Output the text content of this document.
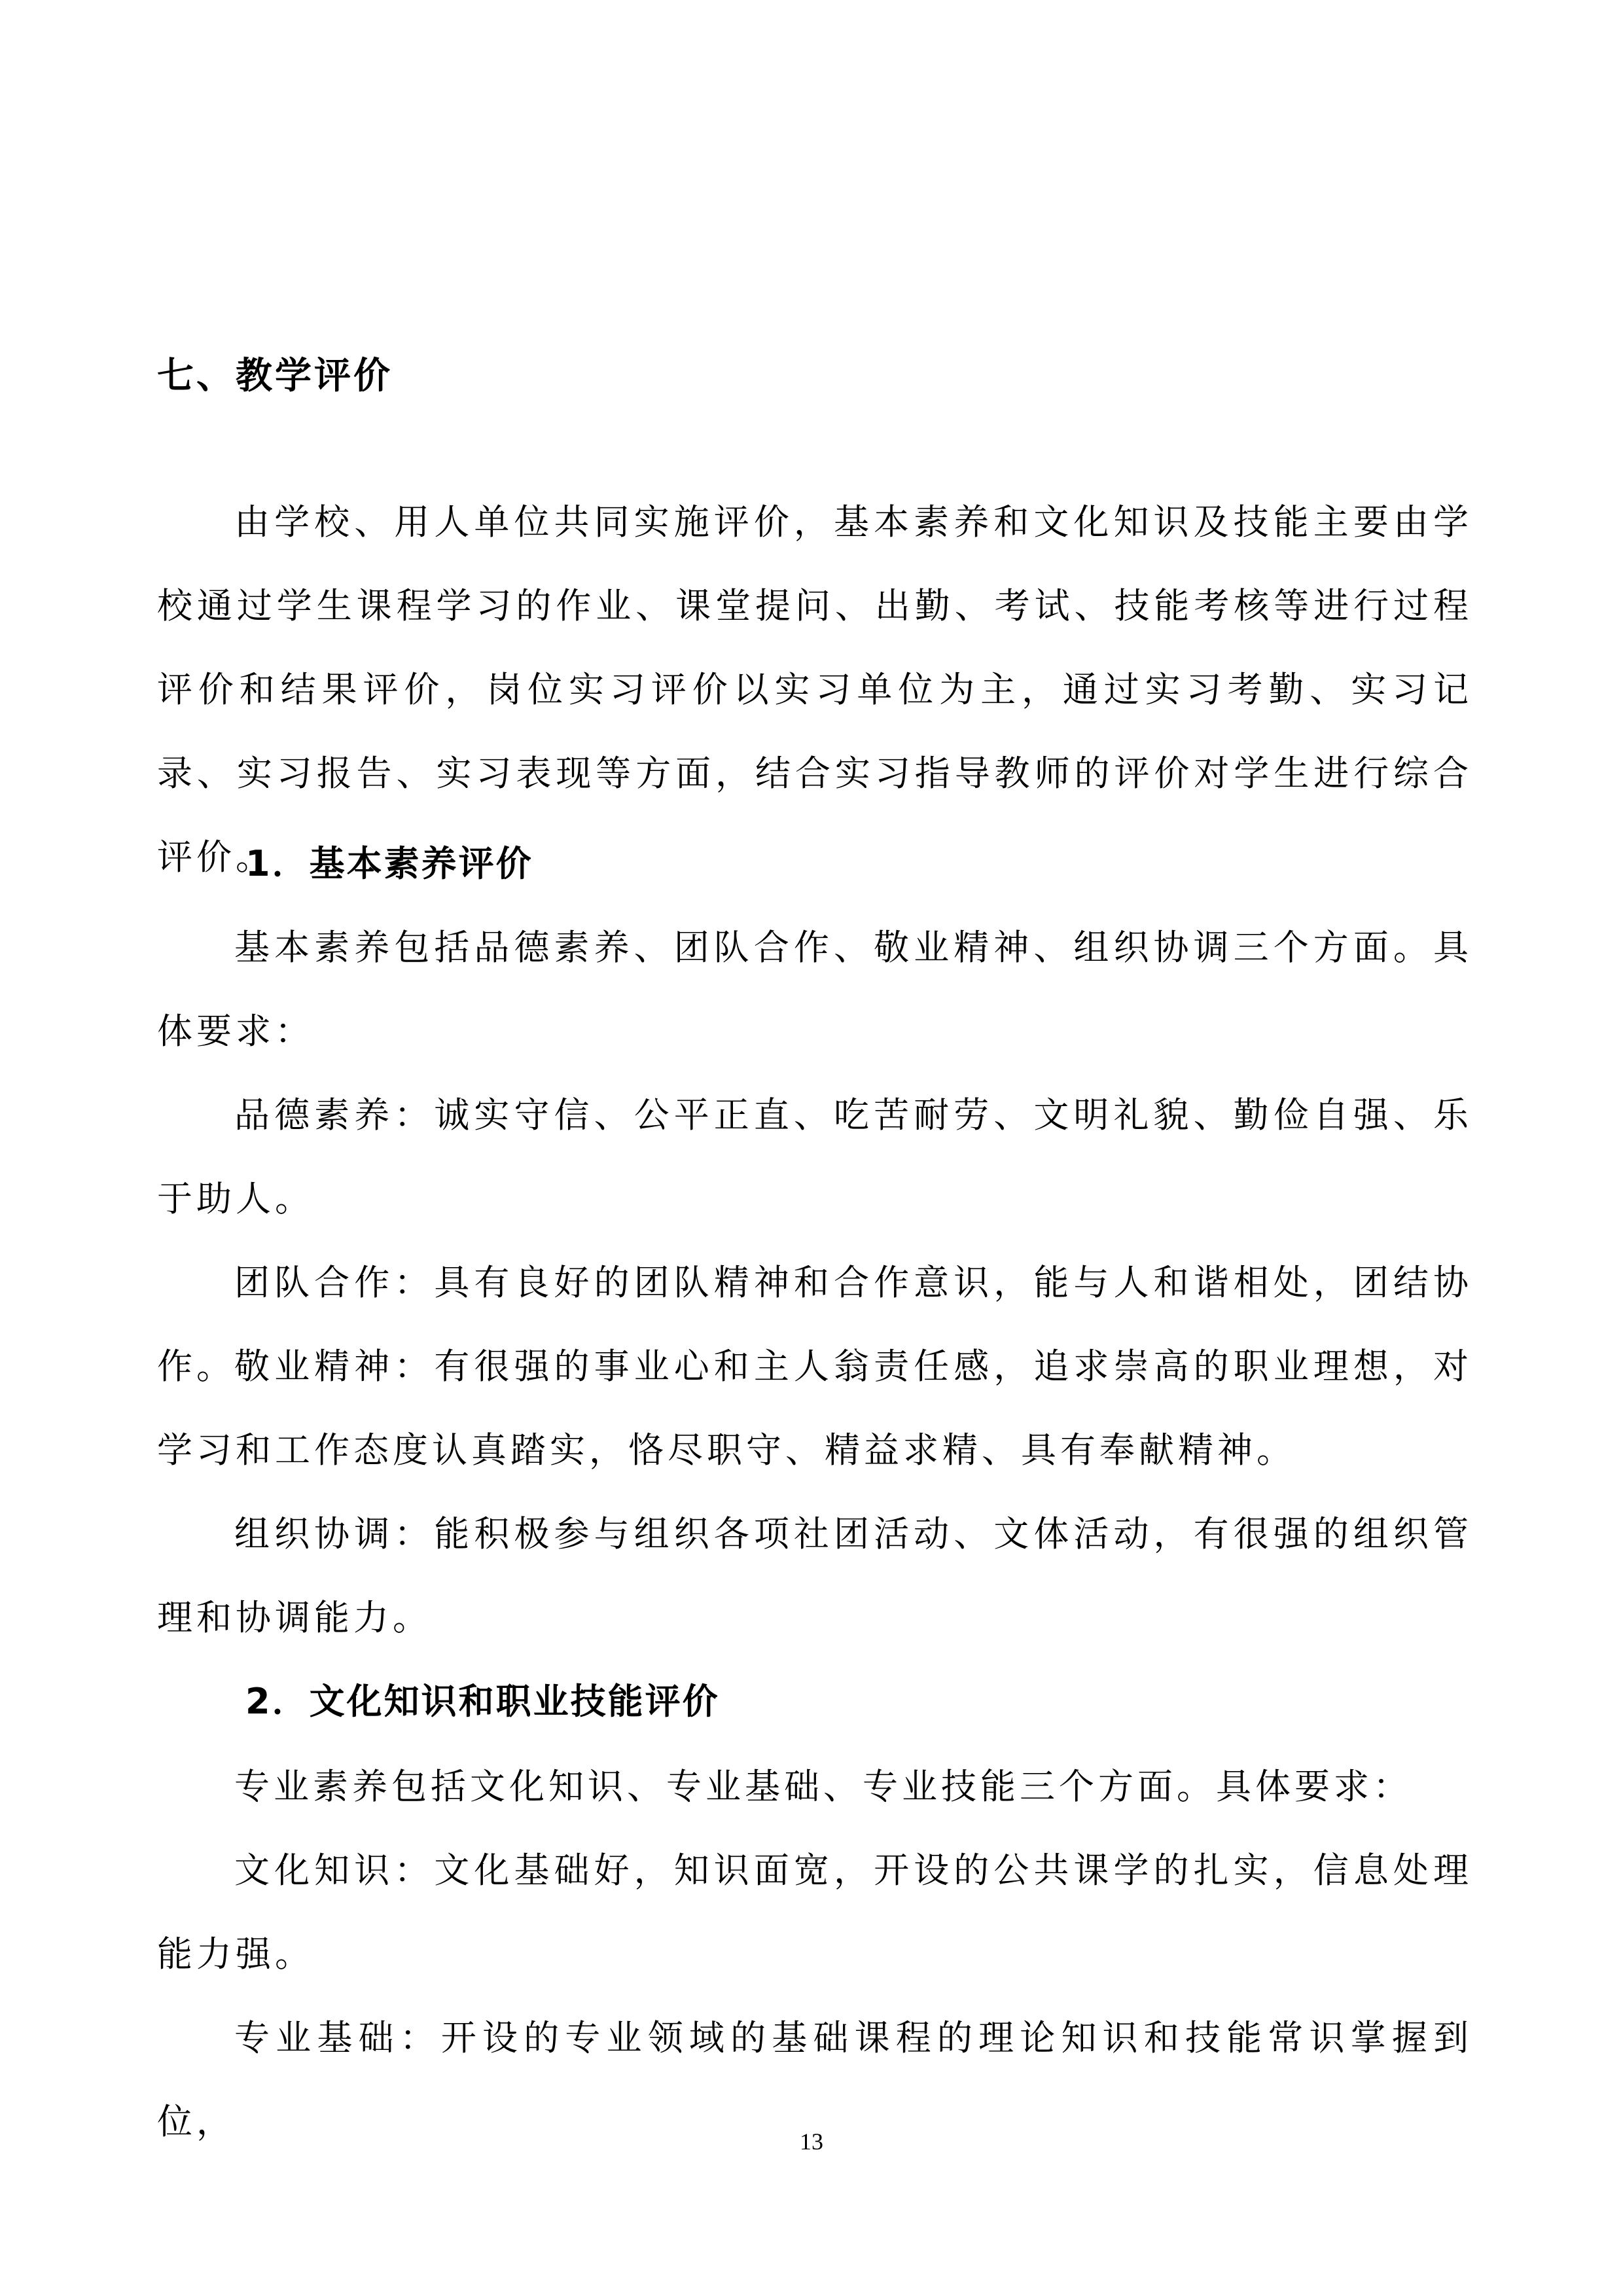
七、教学评价

由学校、用人单位共同实施评价，基本素养和文化知识及技能主要由学校通过学生课程学习的作业、课堂提问、出勤、考试、技能考核等进行过程评价和结果评价，岗位实习评价以实习单位为主，通过实习考勤、实习记录、实习报告、实习表现等方面，结合实习指导教师的评价对学生进行综合评价。

1．基本素养评价

基本素养包括品德素养、团队合作、敬业精神、组织协调三个方面。具体要求：

品德素养：诚实守信、公平正直、吃苦耐劳、文明礼貌、勤俭自强、乐于助人。

团队合作：具有良好的团队精神和合作意识，能与人和谐相处，团结协作。

敬业精神：有很强的事业心和主人翁责任感，追求崇高的职业理想，对学习和工作态度认真踏实，恪尽职守、精益求精、具有奉献精神。

组织协调：能积极参与组织各项社团活动、文体活动，有很强的组织管理和协调能力。

2．文化知识和职业技能评价

专业素养包括文化知识、专业基础、专业技能三个方面。具体要求：

文化知识：文化基础好，知识面宽，开设的公共课学的扎实，信息处理能力强。

专业基础：开设的专业领域的基础课程的理论知识和技能常识掌握到位，	13
